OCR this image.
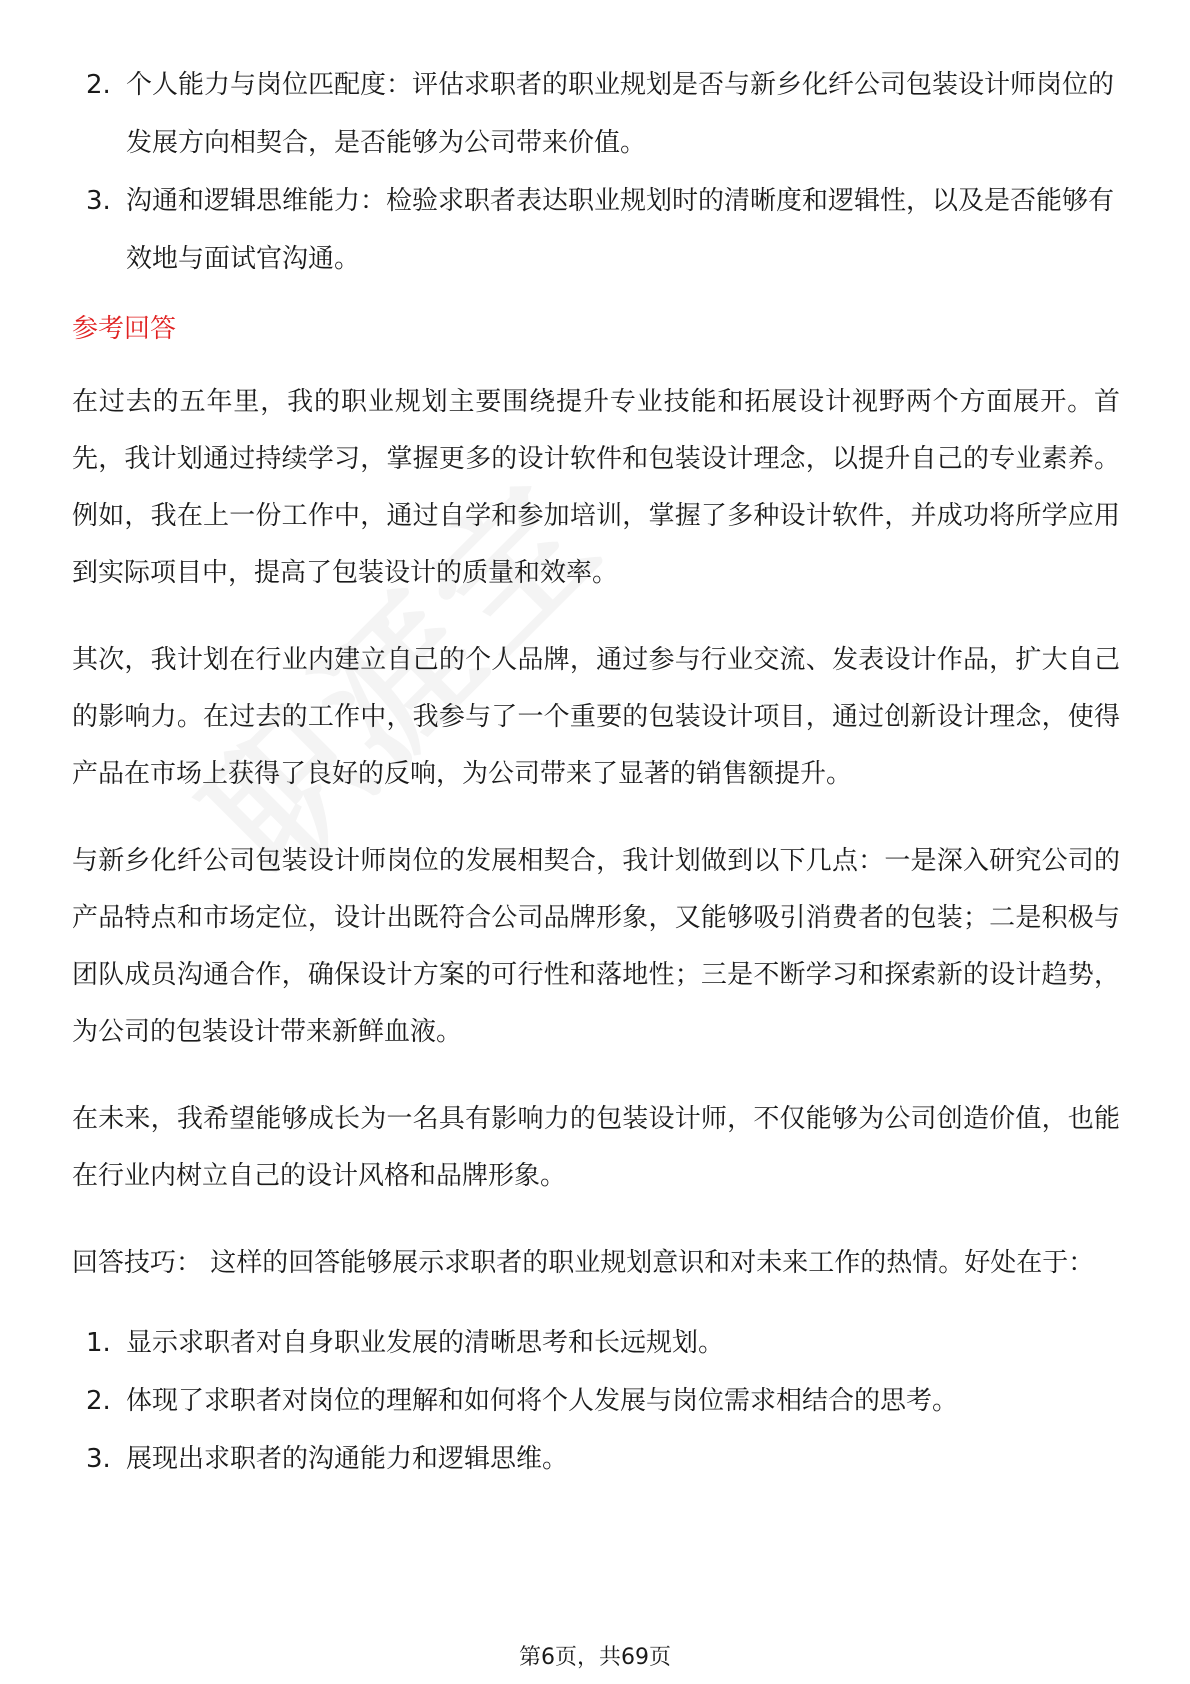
2. 个人能力与岗位匹配度：评估求职者的职业规划是否与新乡化纤公司包装设计师岗位的发展方向相契合，是否能够为公司带来价值。
3. 沟通和逻辑思维能力：检验求职者表达职业规划时的清晰度和逻辑性，以及是否能够有效地与面试官沟通。
参考回答

在过去的五年里，我的职业规划主要围绕提升专业技能和拓展设计视野两个方面展开。首先，我计划通过持续学习，掌握更多的设计软件和包装设计理念，以提升自己的专业素养。例如，我在上一份工作中，通过自学和参加培训，掌握了多种设计软件，并成功将所学应用到实际项目中，提高了包装设计的质量和效率。

其次，我计划在行业内建立自己的个人品牌，通过参与行业交流、发表设计作品，扩大自己的影响力。在过去的工作中，我参与了一个重要的包装设计项目，通过创新设计理念，使得产品在市场上获得了良好的反响，为公司带来了显著的销售额提升。

与新乡化纤公司包装设计师岗位的发展相契合，我计划做到以下几点：一是深入研究公司的产品特点和市场定位，设计出既符合公司品牌形象，又能够吸引消费者的包装；二是积极与团队成员沟通合作，确保设计方案的可行性和落地性；三是不断学习和探索新的设计趋势，为公司的包装设计带来新鲜血液。

在未来，我希望能够成长为一名具有影响力的包装设计师，不仅能够为公司创造价值，也能在行业内树立自己的设计风格和品牌形象。

回答技巧： 这样的回答能够展示求职者的职业规划意识和对未来工作的热情。好处在于：

1. 显示求职者对自身职业发展的清晰思考和长远规划。
2. 体现了求职者对岗位的理解和如何将个人发展与岗位需求相结合的思考。
3. 展现出求职者的沟通能力和逻辑思维。
第6页，共69页
